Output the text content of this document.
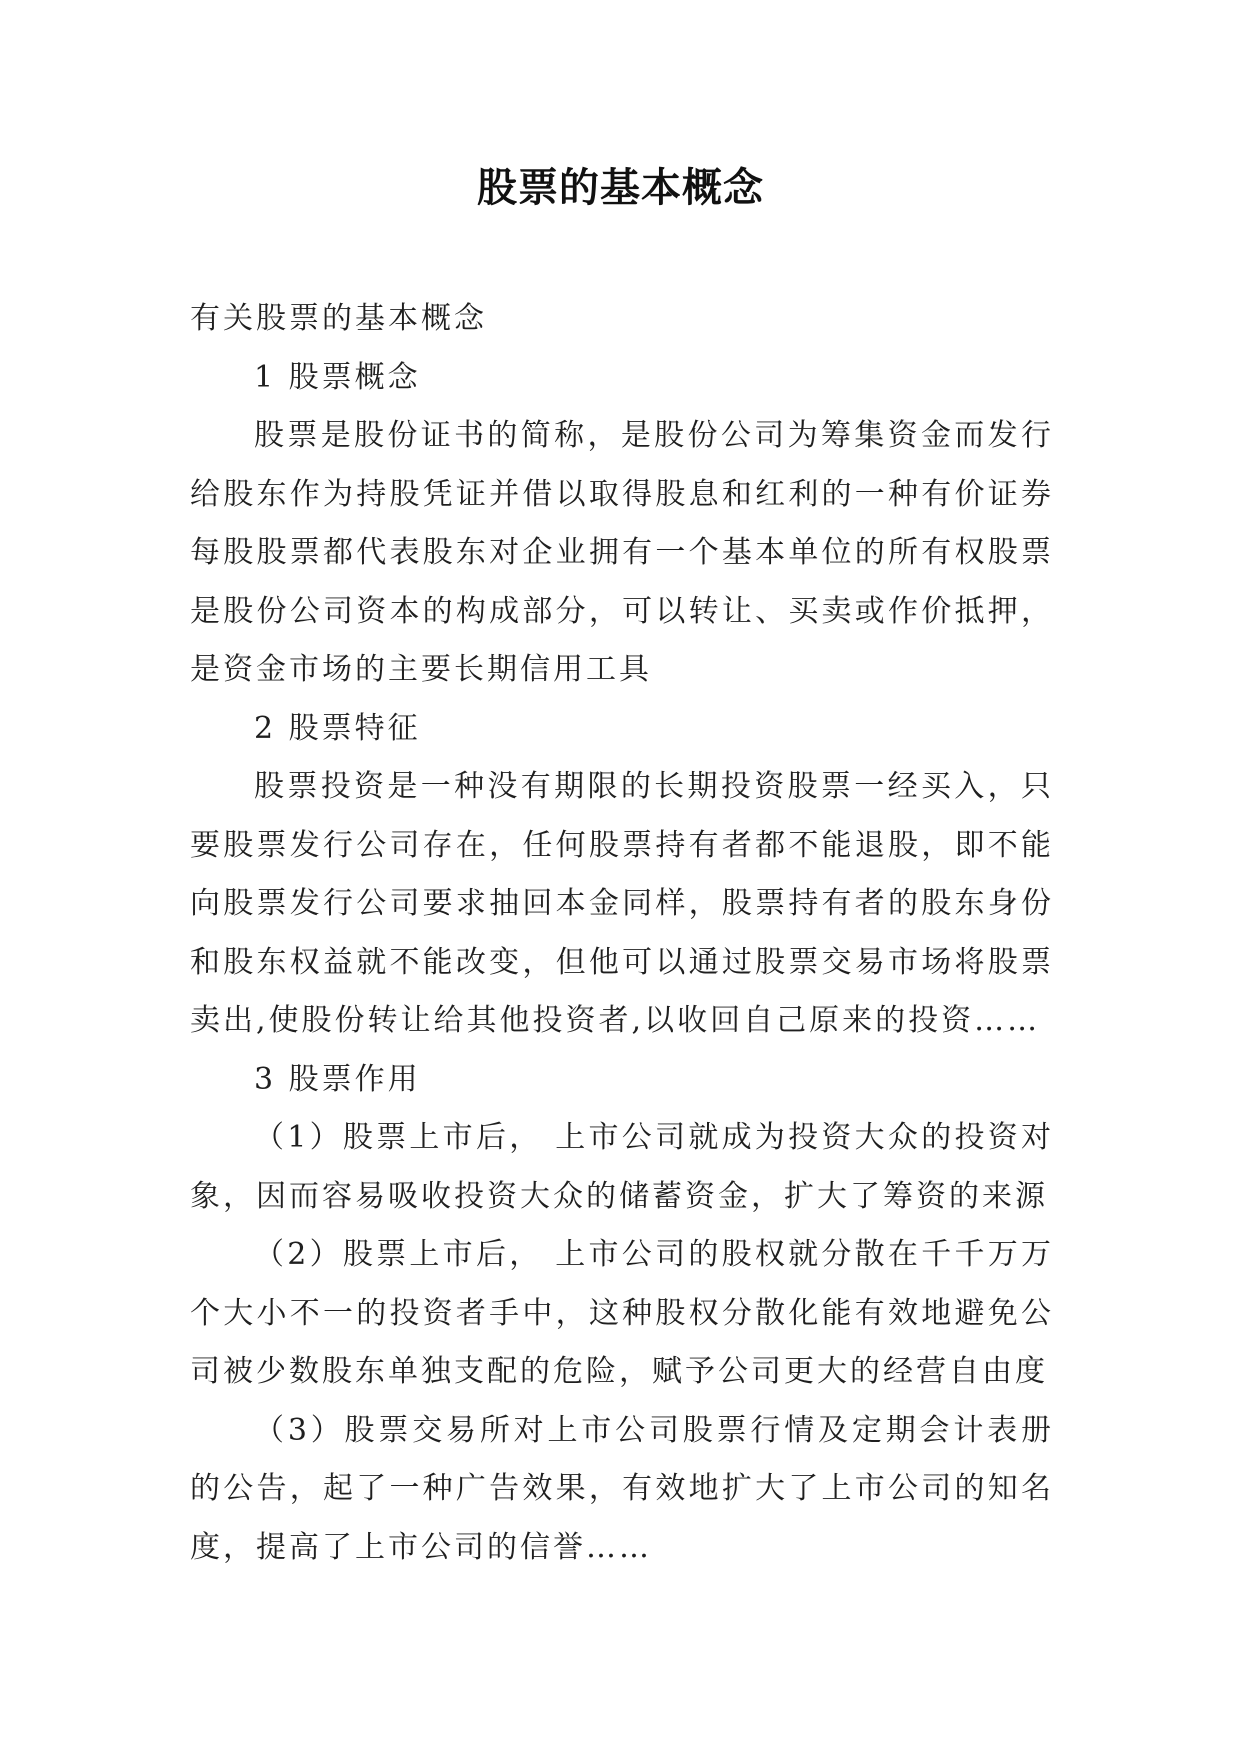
股票的基本概念

有关股票的基本概念

1 股票概念

股票是股份证书的简称，是股份公司为筹集资金而发行给股东作为持股凭证并借以取得股息和红利的一种有价证券每股股票都代表股东对企业拥有一个基本单位的所有权股票是股份公司资本的构成部分，可以转让、买卖或作价抵押，是资金市场的主要长期信用工具

2 股票特征

股票投资是一种没有期限的长期投资股票一经买入，只要股票发行公司存在，任何股票持有者都不能退股，即不能向股票发行公司要求抽回本金同样，股票持有者的股东身份和股东权益就不能改变，但他可以通过股票交易市场将股票卖出,使股份转让给其他投资者,以收回自己原来的投资……

3 股票作用

（1）股票上市后， 上市公司就成为投资大众的投资对象，因而容易吸收投资大众的储蓄资金，扩大了筹资的来源

（2）股票上市后， 上市公司的股权就分散在千千万万个大小不一的投资者手中，这种股权分散化能有效地避免公司被少数股东单独支配的危险，赋予公司更大的经营自由度

（3）股票交易所对上市公司股票行情及定期会计表册的公告，起了一种广告效果，有效地扩大了上市公司的知名度，提高了上市公司的信誉……
